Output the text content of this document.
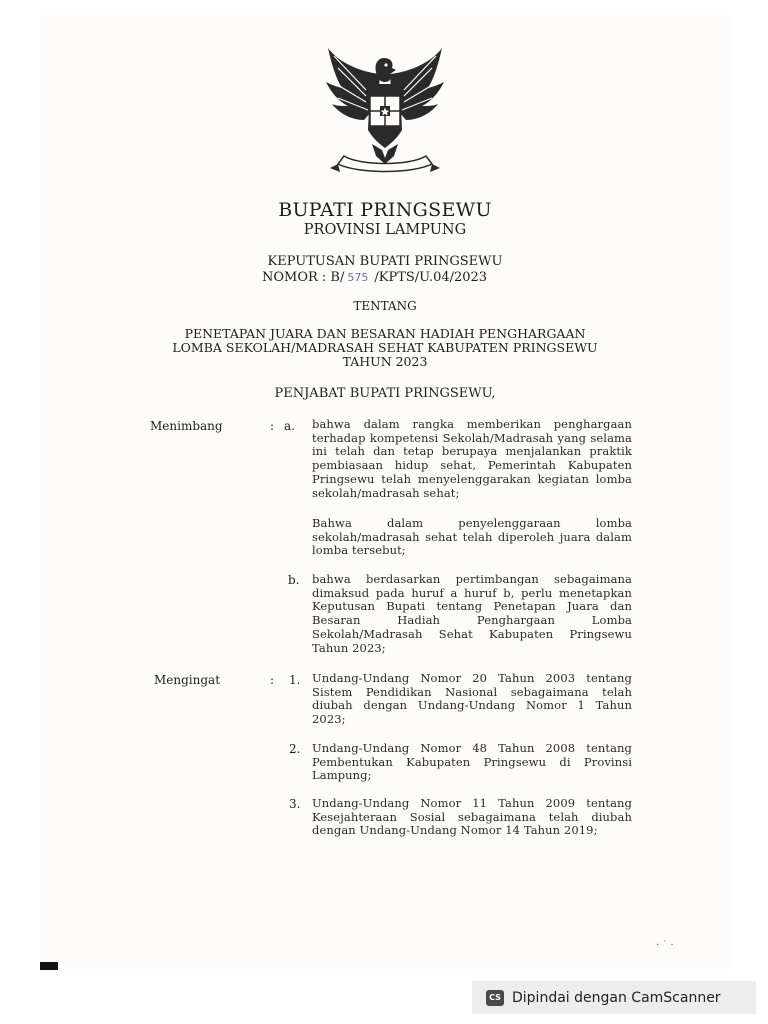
BUPATI PRINGSEWU
PROVINSI LAMPUNG
KEPUTUSAN BUPATI PRINGSEWU
NOMOR : B/ 575 /KPTS/U.04/2023
TENTANG
PENETAPAN JUARA DAN BESARAN HADIAH PENGHARGAAN
LOMBA SEKOLAH/MADRASAH SEHAT KABUPATEN PRINGSEWU
TAHUN 2023
PENJABAT BUPATI PRINGSEWU,
Menimbang	: a. bahwa dalam rangka memberikan penghargaan terhadap kompetensi Sekolah/Madrasah yang selama ini telah dan tetap berupaya menjalankan praktik pembiasaan hidup sehat, Pemerintah Kabupaten Pringsewu telah menyelenggarakan kegiatan lomba sekolah/madrasah sehat;
Bahwa dalam penyelenggaraan lomba sekolah/madrasah sehat telah diperoleh juara dalam lomba tersebut;
b. bahwa berdasarkan pertimbangan sebagaimana dimaksud pada huruf a huruf b, perlu menetapkan Keputusan Bupati tentang Penetapan Juara dan Besaran Hadiah Penghargaan Lomba Sekolah/Madrasah Sehat Kabupaten Pringsewu Tahun 2023;
Mengingat	: 1. Undang-Undang Nomor 20 Tahun 2003 tentang Sistem Pendidikan Nasional sebagaimana telah diubah dengan Undang-Undang Nomor 1 Tahun 2023;
2. Undang-Undang Nomor 48 Tahun 2008 tentang Pembentukan Kabupaten Pringsewu di Provinsi Lampung;
3. Undang-Undang Nomor 11 Tahun 2009 tentang Kesejahteraan Sosial sebagaimana telah diubah dengan Undang-Undang Nomor 14 Tahun 2019;
· ˙ ·
CS Dipindai dengan CamScanner
